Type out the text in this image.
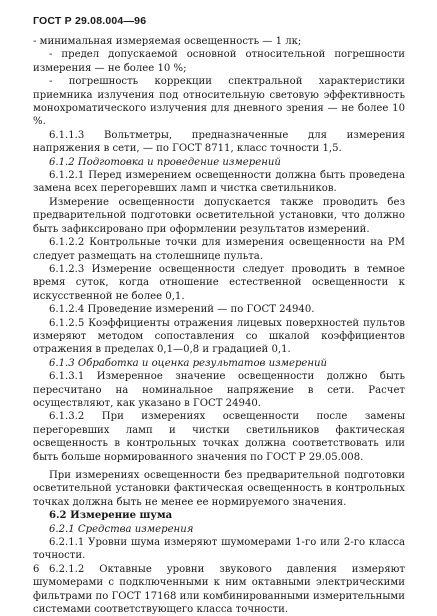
ГОСТ Р 29.08.004—96

- минимальная измеряемая освещенность — 1 лк;

- предел допускаемой основной относительной погрешности измерения — не более 10 %;

- погрешность коррекции спектральной характеристики приемника излучения под относительную световую эффективность монохроматического излучения для дневного зрения — не более 10 %.

6.1.1.3 Вольтметры, предназначенные для измерения напряжения в сети, — по ГОСТ 8711, класс точности 1,5.

6.1.2 Подготовка и проведение измерений

6.1.2.1 Перед измерением освещенности должна быть проведена замена всех перегоревших ламп и чистка светильников.

Измерение освещенности допускается также проводить без предварительной подготовки осветительной установки, что должно быть зафиксировано при оформлении результатов измерений.

6.1.2.2 Контрольные точки для измерения освещенности на РМ следует размещать на столешнице пульта.

6.1.2.3 Измерение освещенности следует проводить в темное время суток, когда отношение естественной освещенности к искусственной не более 0,1.

6.1.2.4 Проведение измерений — по ГОСТ 24940.

6.1.2.5 Коэффициенты отражения лицевых поверхностей пультов измеряют методом сопоставления со шкалой коэффициентов отражения в пределах 0,1—0,8 и градацией 0,1.

6.1.3 Обработка и оценка результатов измерений

6.1.3.1 Измеренное значение освещенности должно быть пересчитано на номинальное напряжение в сети. Расчет осуществляют, как указано в ГОСТ 24940.

6.1.3.2 При измерениях освещенности после замены перегоревших ламп и чистки светильников фактическая освещенность в контрольных точках должна соответствовать или быть больше нормированного значения по ГОСТ Р 29.05.008.

При измерениях освещенности без предварительной подготовки осветительной установки фактическая освещенность в контрольных точках должна быть не менее ее нормируемого значения.

6.2 Измерение шума

6.2.1 Средства измерения

6.2.1.1 Уровни шума измеряют шумомерами 1-го или 2-го класса точности.

6.2.1.2 Октавные уровни звукового давления измеряют шумомерами с подключенными к ним октавными электрическими фильтрами по ГОСТ 17168 или комбинированными измерительными системами соответствующего класса точности.

6
